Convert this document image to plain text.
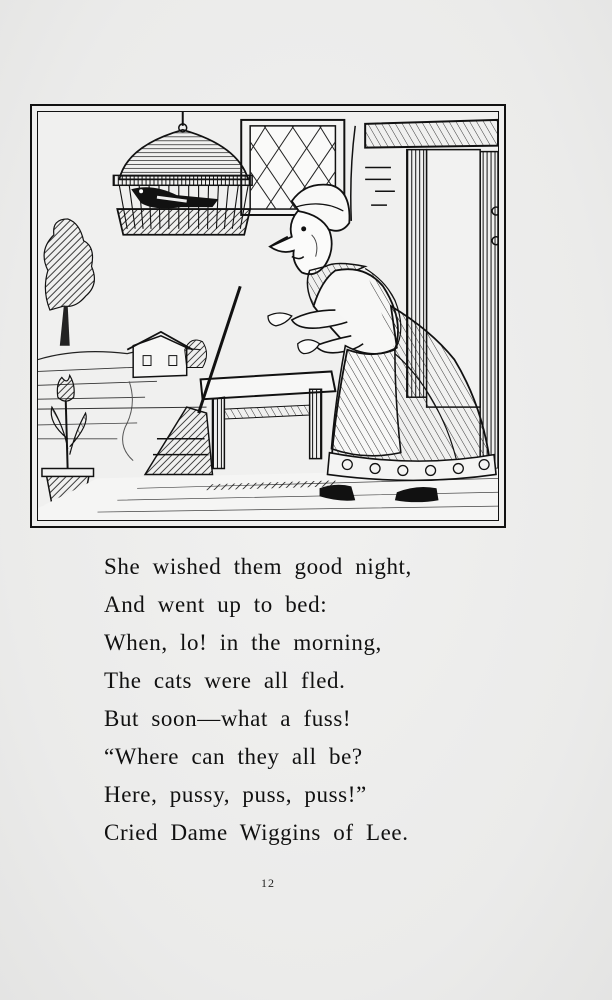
She wished them good night,
And went up to bed:
When, lo! in the morning,
The cats were all fled.
But soon—what a fuss!
“Where can they all be?
Here, pussy, puss, puss!”
Cried Dame Wiggins of Lee.
12
